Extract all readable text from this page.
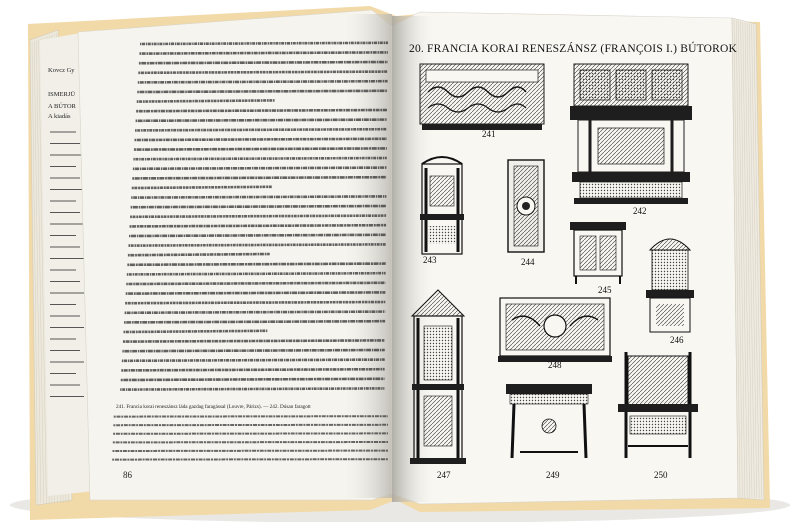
Kovcz Gy
ISMERJÜ
A BÚTOR
A kiadás
241. Francia korai reneszánsz láda gazdag faragással (Louvre, Párizs). — 242. Dúsan faragott
86
20. FRANCIA KORAI RENESZÁNSZ (FRANÇOIS I.) BÚTOROK
241
242
243	244
245
246
247
248
249	250
